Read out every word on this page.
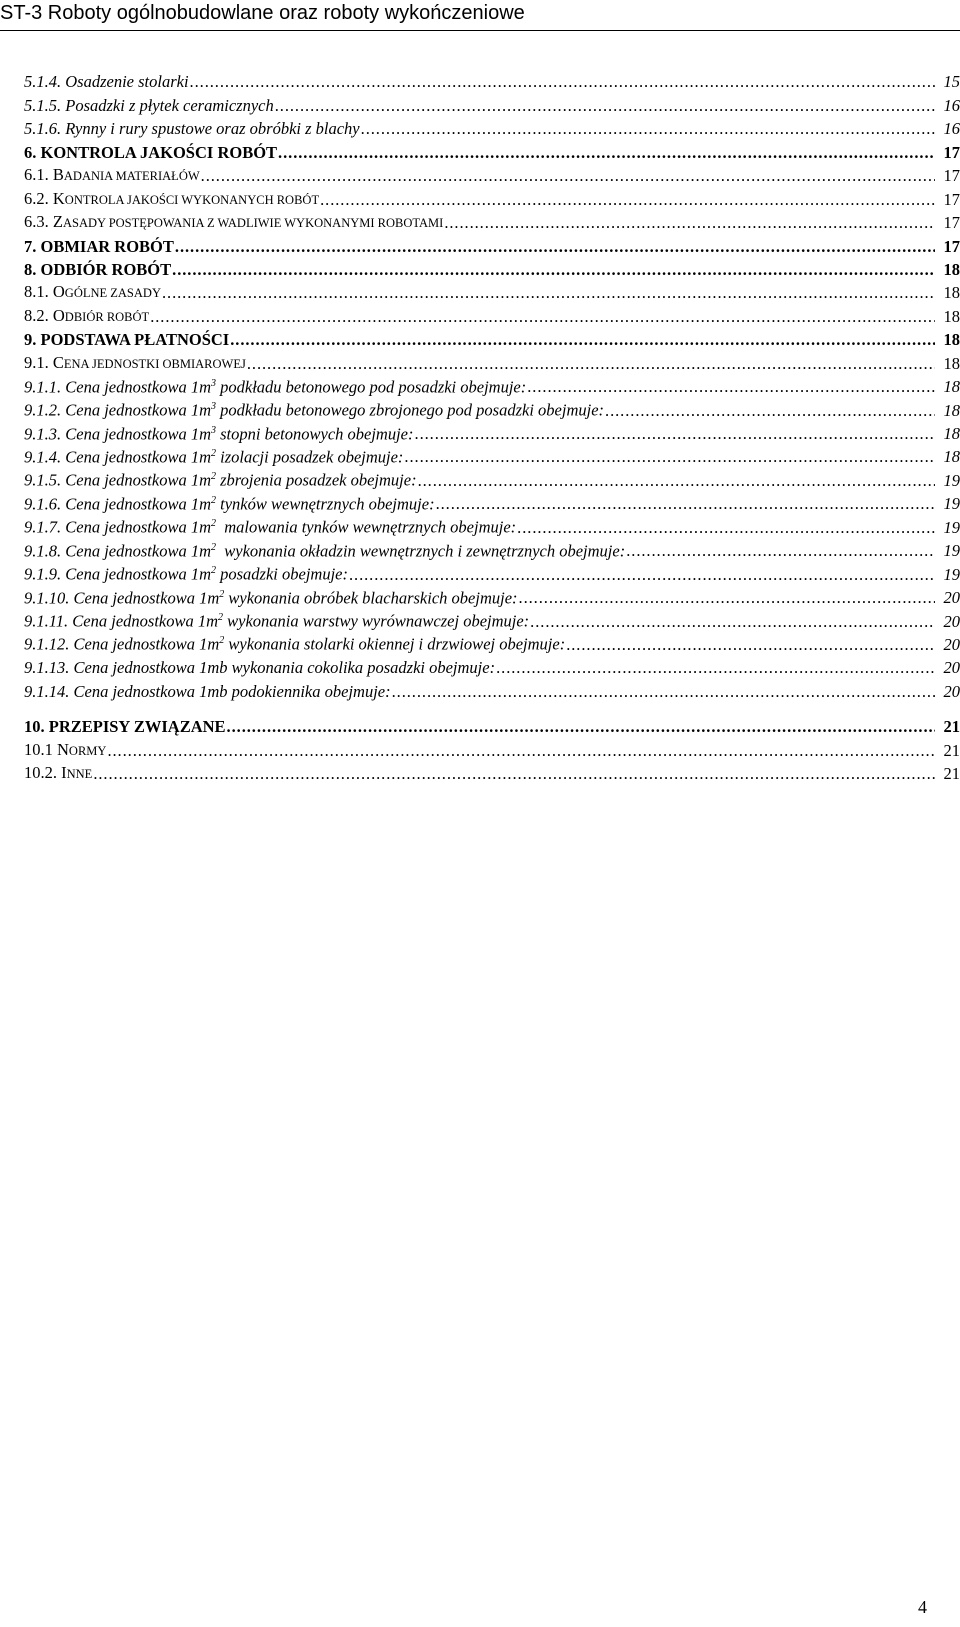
ST-3 Roboty ogólnobudowlane oraz roboty wykończeniowe
5.1.4. Osadzenie stolarki . . .	15
5.1.5. Posadzki z płytek ceramicznych . . .	16
5.1.6. Rynny i rury spustowe oraz obróbki z blachy . . .	16
6. KONTROLA JAKOŚCI ROBÓT . . .	17
6.1. BADANIA MATERIAŁÓW . . .	17
6.2. KONTROLA JAKOŚCI WYKONANYCH ROBÓT . . .	17
6.3. ZASADY POSTĘPOWANIA Z WADLIWIE WYKONANYMI ROBOTAMI . . .	17
7. OBMIAR ROBÓT . . .	17
8. ODBIÓR ROBÓT . . .	18
8.1. OGÓLNE ZASADY . . .	18
8.2. ODBIÓR ROBÓT . . .	18
9. PODSTAWA PŁATNOŚCI . . .	18
9.1. CENA JEDNOSTKI OBMIAROWEJ . . .	18
9.1.1. Cena jednostkowa $1m^3$ podkładu betonowego pod posadzki obejmuje: . . .	18
9.1.2. Cena jednostkowa $1m^3$ podkładu betonowego zbrojonego pod posadzki obejmuje: . . .	18
9.1.3. Cena jednostkowa $1m^3$ stopni betonowych obejmuje: . . .	18
9.1.4. Cena jednostkowa $1m^2$ izolacji posadzek obejmuje: . . .	18
9.1.5. Cena jednostkowa $1m^2$ zbrojenia posadzek obejmuje: . . .	19
9.1.6. Cena jednostkowa $1m^2$ tynków wewnętrznych obejmuje: . . .	19
9.1.7. Cena jednostkowa $1m^2$  malowania tynków wewnętrznych obejmuje: . . .	19
9.1.8. Cena jednostkowa $1m^2$  wykonania okładzin wewnętrznych i zewnętrznych obejmuje: . . .	19
9.1.9. Cena jednostkowa $1m^2$ posadzki obejmuje: . . .	19
9.1.10. Cena jednostkowa $1m^2$ wykonania obróbek blacharskich obejmuje: . . .	20
9.1.11. Cena jednostkowa $1m^2$ wykonania warstwy wyrównawczej obejmuje: . . .	20
9.1.12. Cena jednostkowa $1m^2$ wykonania stolarki okiennej i drzwiowej obejmuje: . . .	20
9.1.13. Cena jednostkowa 1mb wykonania cokolika posadzki obejmuje: . . .	20
9.1.14. Cena jednostkowa 1mb podokiennika obejmuje: . . .	20
10. PRZEPISY ZWIĄZANE . . .	21
10.1 NORMY . . .	21
10.2. INNE . . .	21
4
